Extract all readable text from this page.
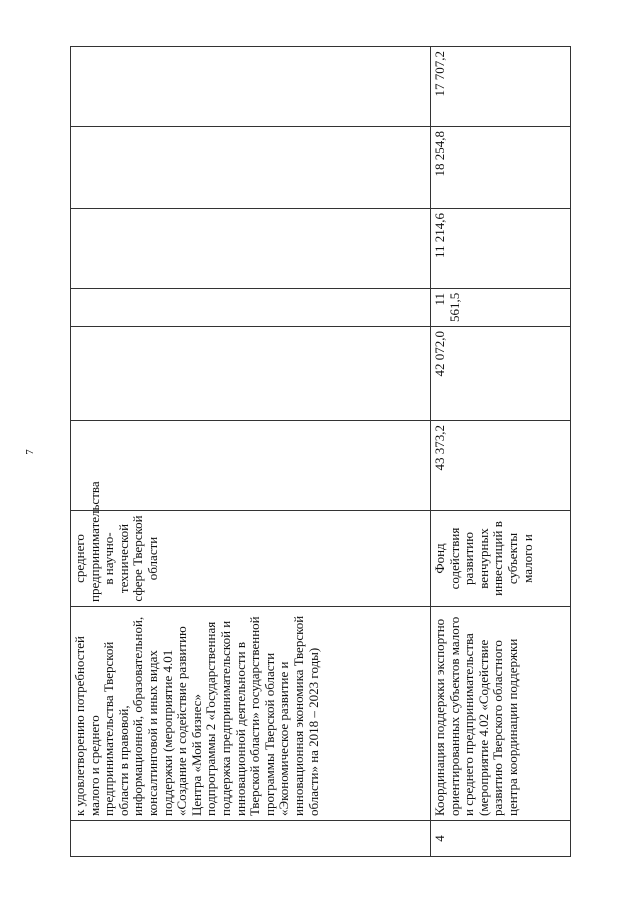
7
	к удовлетворению потребностей малого и среднего предпринимательства Тверской области в правовой, информационной, образовательной, консалтинговой и иных видах поддержки (мероприятие 4.01 «Создание и содействие развитию Центра «Мой бизнес» подпрограммы 2 «Государственная поддержка предпринимательской и инновационной деятельности в Тверской области» государственной программы Тверской области «Экономическое развитие и инновационная экономика Тверской области» на 2018 – 2023 годы)	среднего предпринимательства в научно-технической сфере Тверской области						
4	Координация поддержки экспортно ориентированных субъектов малого и среднего предпринимательства (мероприятие 4.02 «Содействие развитию Тверского областного центра координации поддержки	Фонд содействия развитию венчурных инвестиций в субъекты малого и	43 373,2	42 072,0	11 561,5	11 214,6	18 254,8	17 707,2
